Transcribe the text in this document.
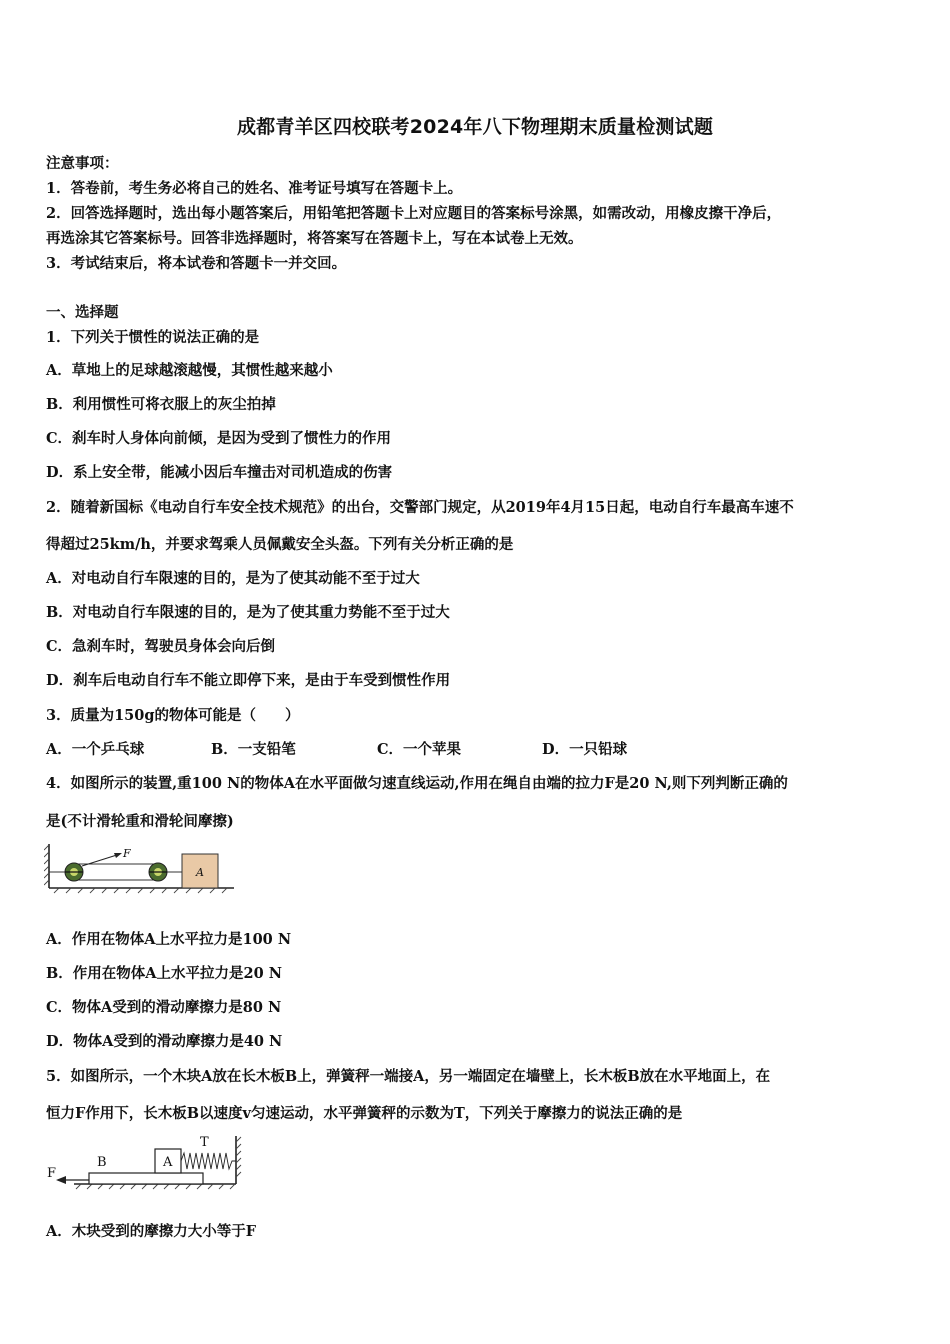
成都青羊区四校联考2024年八下物理期末质量检测试题
注意事项：
1．答卷前，考生务必将自己的姓名、准考证号填写在答题卡上。
2．回答选择题时，选出每小题答案后，用铅笔把答题卡上对应题目的答案标号涂黑，如需改动，用橡皮擦干净后，
再选涂其它答案标号。回答非选择题时，将答案写在答题卡上，写在本试卷上无效。
3．考试结束后，将本试卷和答题卡一并交回。
一、选择题
1．下列关于惯性的说法正确的是
A．草地上的足球越滚越慢，其惯性越来越小
B．利用惯性可将衣服上的灰尘拍掉
C．刹车时人身体向前倾，是因为受到了惯性力的作用
D．系上安全带，能减小因后车撞击对司机造成的伤害
2．随着新国标《电动自行车安全技术规范》的出台，交警部门规定，从2019年4月15日起，电动自行车最高车速不
得超过25km/h，并要求驾乘人员佩戴安全头盔。下列有关分析正确的是
A．对电动自行车限速的目的，是为了使其动能不至于过大
B．对电动自行车限速的目的，是为了使其重力势能不至于过大
C．急刹车时，驾驶员身体会向后倒
D．刹车后电动自行车不能立即停下来，是由于车受到惯性作用
3．质量为150g的物体可能是（　　）
A．一个乒乓球	B．一支铅笔	C．一个苹果	D．一只铅球
4．如图所示的装置,重100 N的物体A在水平面做匀速直线运动,作用在绳自由端的拉力F是20 N,则下列判断正确的
是(不计滑轮重和滑轮间摩擦)
F
A
A．作用在物体A上水平拉力是100 N
B．作用在物体A上水平拉力是20 N
C．物体A受到的滑动摩擦力是80 N
D．物体A受到的滑动摩擦力是40 N
5．如图所示，一个木块A放在长木板B上，弹簧秤一端接A，另一端固定在墙壁上，长木板B放在水平地面上，在
恒力F作用下，长木板B以速度v匀速运动，水平弹簧秤的示数为T，下列关于摩擦力的说法正确的是
B	A
T
F
A．木块受到的摩擦力大小等于F
